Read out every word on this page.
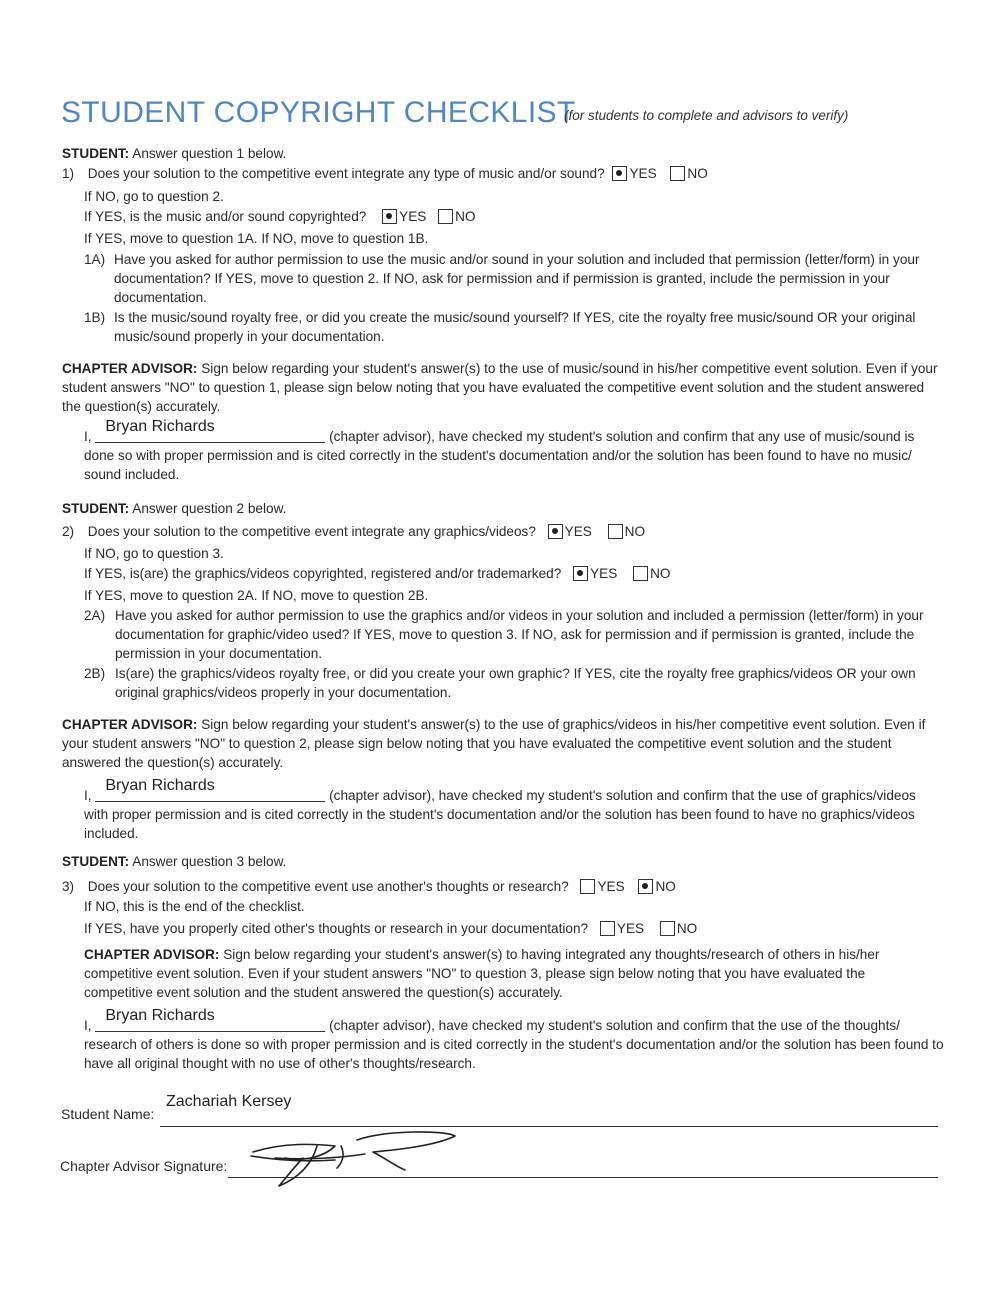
STUDENT COPYRIGHT CHECKLIST
(for students to complete and advisors to verify)
STUDENT: Answer question 1 below.
1) Does your solution to the competitive event integrate any type of music and/or sound? YES NO
If NO, go to question 2.
If YES, is the music and/or sound copyrighted? YES NO
If YES, move to question 1A. If NO, move to question 1B.
1A) Have you asked for author permission to use the music and/or sound in your solution and included that permission (letter/form) in your documentation? If YES, move to question 2. If NO, ask for permission and if permission is granted, include the permission in your documentation.
1B) Is the music/sound royalty free, or did you create the music/sound yourself? If YES, cite the royalty free music/sound OR your original music/sound properly in your documentation.
CHAPTER ADVISOR: Sign below regarding your student's answer(s) to the use of music/sound in his/her competitive event solution. Even if your student answers "NO" to question 1, please sign below noting that you have evaluated the competitive event solution and the student answered the question(s) accurately.
I,
Bryan Richards
(chapter advisor), have checked my student's solution and confirm that any use of music/sound is done so with proper permission and is cited correctly in the student's documentation and/or the solution has been found to have no music/ sound included.
STUDENT: Answer question 2 below.
2) Does your solution to the competitive event integrate any graphics/videos? YES NO
If NO, go to question 3.
If YES, is(are) the graphics/videos copyrighted, registered and/or trademarked? YES NO
If YES, move to question 2A. If NO, move to question 2B.
2A) Have you asked for author permission to use the graphics and/or videos in your solution and included a permission (letter/form) in your documentation for graphic/video used? If YES, move to question 3. If NO, ask for permission and if permission is granted, include the permission in your documentation.
2B) Is(are) the graphics/videos royalty free, or did you create your own graphic? If YES, cite the royalty free graphics/videos OR your own original graphics/videos properly in your documentation.
CHAPTER ADVISOR: Sign below regarding your student's answer(s) to the use of graphics/videos in his/her competitive event solution. Even if your student answers "NO" to question 2, please sign below noting that you have evaluated the competitive event solution and the student answered the question(s) accurately.
I,
Bryan Richards
(chapter advisor), have checked my student's solution and confirm that the use of graphics/videos with proper permission and is cited correctly in the student's documentation and/or the solution has been found to have no graphics/videos included.
STUDENT: Answer question 3 below.
3) Does your solution to the competitive event use another's thoughts or research? YES NO
If NO, this is the end of the checklist.
If YES, have you properly cited other's thoughts or research in your documentation? YES NO
CHAPTER ADVISOR: Sign below regarding your student's answer(s) to having integrated any thoughts/research of others in his/her competitive event solution. Even if your student answers "NO" to question 3, please sign below noting that you have evaluated the competitive event solution and the student answered the question(s) accurately.
I,
Bryan Richards
(chapter advisor), have checked my student's solution and confirm that the use of the thoughts/ research of others is done so with proper permission and is cited correctly in the student's documentation and/or the solution has been found to have all original thought with no use of other's thoughts/research.
Student Name:
Zachariah Kersey
Chapter Advisor Signature:
